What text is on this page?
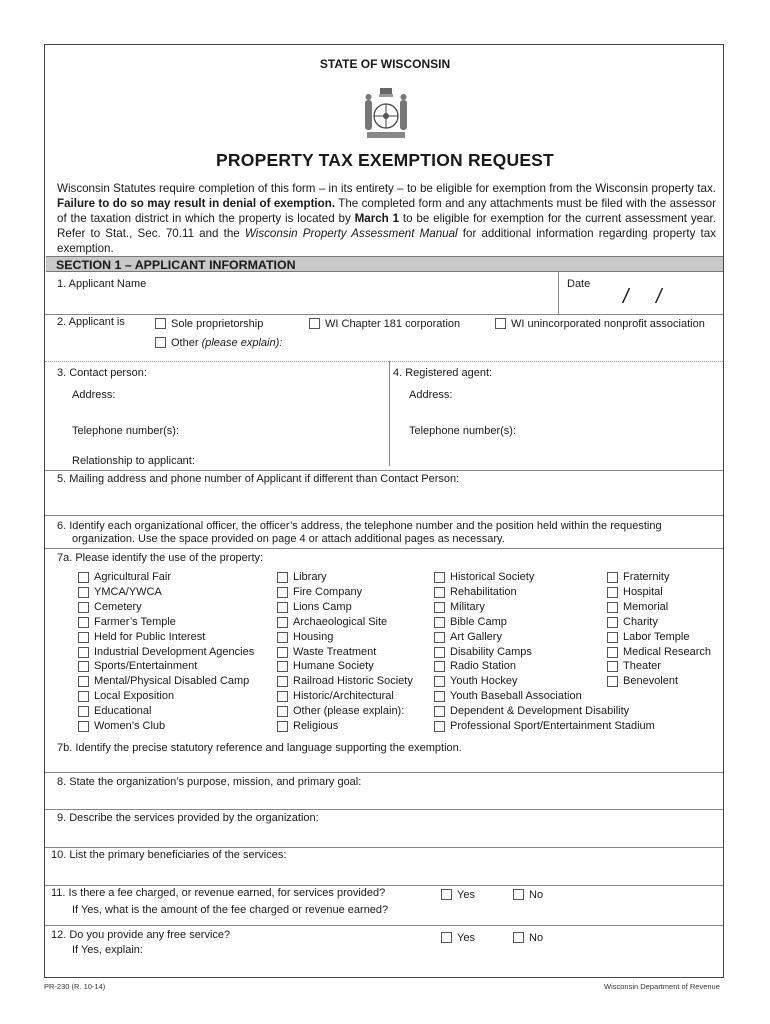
STATE OF WISCONSIN
PROPERTY TAX EXEMPTION REQUEST
Wisconsin Statutes require completion of this form – in its entirety – to be eligible for exemption from the Wisconsin property tax. Failure to do so may result in denial of exemption. The completed form and any attachments must be filed with the assessor of the taxation district in which the property is located by March 1 to be eligible for exemption for the current assessment year. Refer to Stat., Sec. 70.11 and the Wisconsin Property Assessment Manual for additional information regarding property tax exemption.
SECTION 1 – APPLICANT INFORMATION
1. Applicant Name	Date
/ /
2. Applicant is	Sole proprietorship	WI Chapter 181 corporation	WI unincorporated nonprofit association
Other (please explain):
3. Contact person:
Address:
Telephone number(s):
Relationship to applicant:
4. Registered agent:
Address:
Telephone number(s):
5. Mailing address and phone number of Applicant if different than Contact Person:
6. Identify each organizational officer, the officer’s address, the telephone number and the position held within the requesting
organization. Use the space provided on page 4 or attach additional pages as necessary.
7a. Please identify the use of the property:
Agricultural Fair
YMCA/YWCA
Cemetery
Farmer’s Temple
Held for Public Interest
Industrial Development Agencies
Sports/Entertainment
Mental/Physical Disabled Camp
Local Exposition
Educational
Women’s Club
Library
Fire Company
Lions Camp
Archaeological Site
Housing
Waste Treatment
Humane Society
Railroad Historic Society
Historic/Architectural
Other (please explain):
Religious
Historical Society
Rehabilitation
Military
Bible Camp
Art Gallery
Disability Camps
Radio Station
Youth Hockey
Youth Baseball Association
Dependent & Development Disability
Professional Sport/Entertainment Stadium
Fraternity
Hospital
Memorial
Charity
Labor Temple
Medical Research
Theater
Benevolent
7b. Identify the precise statutory reference and language supporting the exemption.
8. State the organization’s purpose, mission, and primary goal:
9. Describe the services provided by the organization:
10. List the primary beneficiaries of the services:
11. Is there a fee charged, or revenue earned, for services provided?
If Yes, what is the amount of the fee charged or revenue earned?
Yes	No
12. Do you provide any free service?
If Yes, explain:
Yes	No
PR-230 (R. 10-14)	Wisconsin Department of Revenue
